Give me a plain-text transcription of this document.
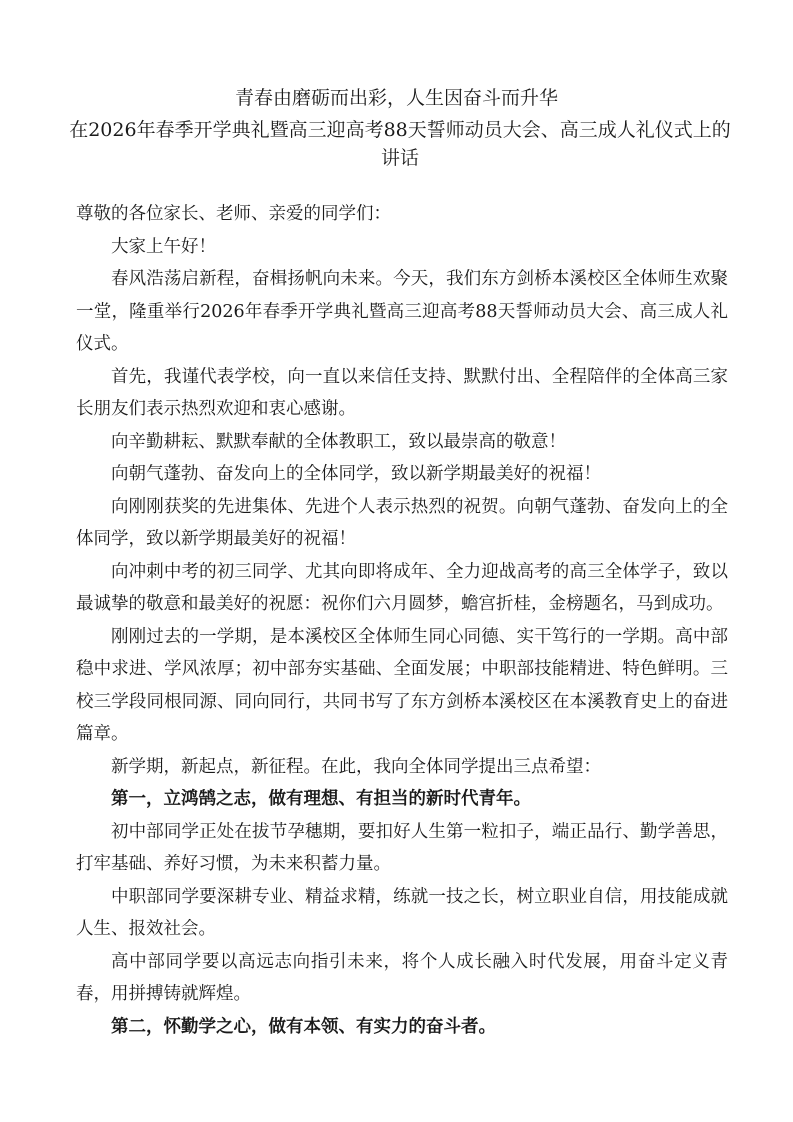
青春由磨砺而出彩，人生因奋斗而升华
在2026年春季开学典礼暨高三迎高考88天誓师动员大会、高三成人礼仪式上的
讲话

尊敬的各位家长、老师、亲爱的同学们：

大家上午好！

春风浩荡启新程，奋楫扬帆向未来。今天，我们东方剑桥本溪校区全体师生欢聚一堂，隆重举行2026年春季开学典礼暨高三迎高考88天誓师动员大会、高三成人礼仪式。

首先，我谨代表学校，向一直以来信任支持、默默付出、全程陪伴的全体高三家长朋友们表示热烈欢迎和衷心感谢。

向辛勤耕耘、默默奉献的全体教职工，致以最崇高的敬意！

向朝气蓬勃、奋发向上的全体同学，致以新学期最美好的祝福！

向刚刚获奖的先进集体、先进个人表示热烈的祝贺。向朝气蓬勃、奋发向上的全体同学，致以新学期最美好的祝福！

向冲刺中考的初三同学、尤其向即将成年、全力迎战高考的高三全体学子，致以最诚挚的敬意和最美好的祝愿：祝你们六月圆梦，蟾宫折桂，金榜题名，马到成功。

刚刚过去的一学期，是本溪校区全体师生同心同德、实干笃行的一学期。高中部稳中求进、学风浓厚；初中部夯实基础、全面发展；中职部技能精进、特色鲜明。三校三学段同根同源、同向同行，共同书写了东方剑桥本溪校区在本溪教育史上的奋进篇章。

新学期，新起点，新征程。在此，我向全体同学提出三点希望：

第一，立鸿鹄之志，做有理想、有担当的新时代青年。

初中部同学正处在拔节孕穗期，要扣好人生第一粒扣子，端正品行、勤学善思，打牢基础、养好习惯，为未来积蓄力量。

中职部同学要深耕专业、精益求精，练就一技之长，树立职业自信，用技能成就人生、报效社会。

高中部同学要以高远志向指引未来，将个人成长融入时代发展，用奋斗定义青春，用拼搏铸就辉煌。

第二，怀勤学之心，做有本领、有实力的奋斗者。
